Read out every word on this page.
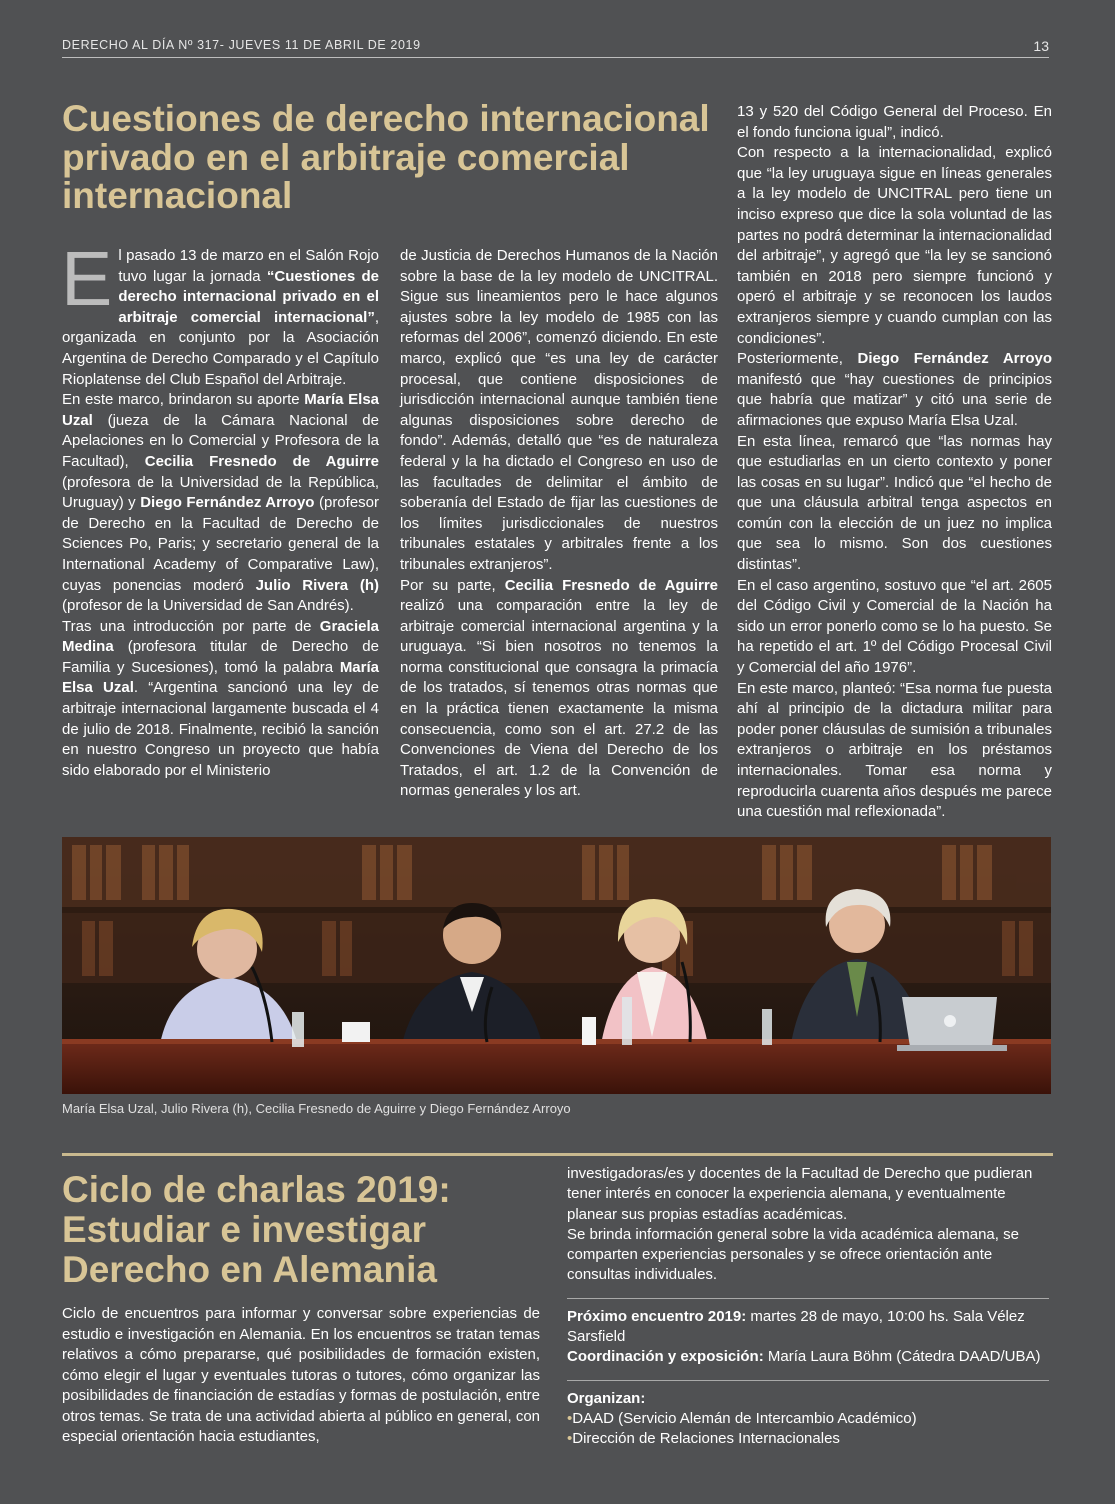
DERECHO AL DÍA Nº 317- JUEVES 11 DE ABRIL DE 2019	13
Cuestiones de derecho internacional privado en el arbitraje comercial internacional

El pasado 13 de marzo en el Salón Rojo tuvo lugar la jornada “Cuestiones de derecho internacional privado en el arbitraje comercial internacional”, organizada en conjunto por la Asociación Argentina de Derecho Comparado y el Capítulo Rioplatense del Club Español del Arbitraje.

En este marco, brindaron su aporte María Elsa Uzal (jueza de la Cámara Nacional de Apelaciones en lo Comercial y Profesora de la Facultad), Cecilia Fresnedo de Aguirre (profesora de la Universidad de la República, Uruguay) y Diego Fernández Arroyo (profesor de Derecho en la Facultad de Derecho de Sciences Po, Paris; y secretario general de la International Academy of Comparative Law), cuyas ponencias moderó Julio Rivera (h) (profesor de la Universidad de San Andrés).

Tras una introducción por parte de Graciela Medina (profesora titular de Derecho de Familia y Sucesiones), tomó la palabra María Elsa Uzal. “Argentina sancionó una ley de arbitraje internacional largamente buscada el 4 de julio de 2018. Finalmente, recibió la sanción en nuestro Congreso un proyecto que había sido elaborado por el Ministerio

de Justicia de Derechos Humanos de la Nación sobre la base de la ley modelo de UNCITRAL. Sigue sus lineamientos pero le hace algunos ajustes sobre la ley modelo de 1985 con las reformas del 2006”, comenzó diciendo. En este marco, explicó que “es una ley de carácter procesal, que contiene disposiciones de jurisdicción internacional aunque también tiene algunas disposiciones sobre derecho de fondo”. Además, detalló que “es de naturaleza federal y la ha dictado el Congreso en uso de las facultades de delimitar el ámbito de soberanía del Estado de fijar las cuestiones de los límites jurisdiccionales de nuestros tribunales estatales y arbitrales frente a los tribunales extranjeros”.

Por su parte, Cecilia Fresnedo de Aguirre realizó una comparación entre la ley de arbitraje comercial internacional argentina y la uruguaya. “Si bien nosotros no tenemos la norma constitucional que consagra la primacía de los tratados, sí tenemos otras normas que en la práctica tienen exactamente la misma consecuencia, como son el art. 27.2 de las Convenciones de Viena del Derecho de los Tratados, el art. 1.2 de la Convención de normas generales y los art.

13 y 520 del Código General del Proceso. En el fondo funciona igual”, indicó.

Con respecto a la internacionalidad, explicó que “la ley uruguaya sigue en líneas generales a la ley modelo de UNCITRAL pero tiene un inciso expreso que dice la sola voluntad de las partes no podrá determinar la internacionalidad del arbitraje”, y agregó que “la ley se sancionó también en 2018 pero siempre funcionó y operó el arbitraje y se reconocen los laudos extranjeros siempre y cuando cumplan con las condiciones”.

Posteriormente, Diego Fernández Arroyo manifestó que “hay cuestiones de principios que habría que matizar” y citó una serie de afirmaciones que expuso María Elsa Uzal.

En esta línea, remarcó que “las normas hay que estudiarlas en un cierto contexto y poner las cosas en su lugar”. Indicó que “el hecho de que una cláusula arbitral tenga aspectos en común con la elección de un juez no implica que sea lo mismo. Son dos cuestiones distintas”.

En el caso argentino, sostuvo que “el art. 2605 del Código Civil y Comercial de la Nación ha sido un error ponerlo como se lo ha puesto. Se ha repetido el art. 1º del Código Procesal Civil y Comercial del año 1976”.

En este marco, planteó: “Esa norma fue puesta ahí al principio de la dictadura militar para poder poner cláusulas de sumisión a tribunales extranjeros o arbitraje en los préstamos internacionales. Tomar esa norma y reproducirla cuarenta años después me parece una cuestión mal reflexionada”.

María Elsa Uzal, Julio Rivera (h), Cecilia Fresnedo de Aguirre y Diego Fernández Arroyo
Ciclo de charlas 2019: Estudiar e investigar Derecho en Alemania

Ciclo de encuentros para informar y conversar sobre experiencias de estudio e investigación en Alemania. En los encuentros se tratan temas relativos a cómo prepararse, qué posibilidades de formación existen, cómo elegir el lugar y eventuales tutoras o tutores, cómo organizar las posibilidades de financiación de estadías y formas de postulación, entre otros temas. Se trata de una actividad abierta al público en general, con especial orientación hacia estudiantes,

investigadoras/es y docentes de la Facultad de Derecho que pudieran tener interés en conocer la experiencia alemana, y eventualmente planear sus propias estadías académicas.

Se brinda información general sobre la vida académica alemana, se comparten experiencias personales y se ofrece orientación ante consultas individuales.

Próximo encuentro 2019: martes 28 de mayo, 10:00 hs. Sala Vélez Sarsfield

Coordinación y exposición: María Laura Böhm (Cátedra DAAD/UBA)

Organizan:

•DAAD (Servicio Alemán de Intercambio Académico)

•Dirección de Relaciones Internacionales
